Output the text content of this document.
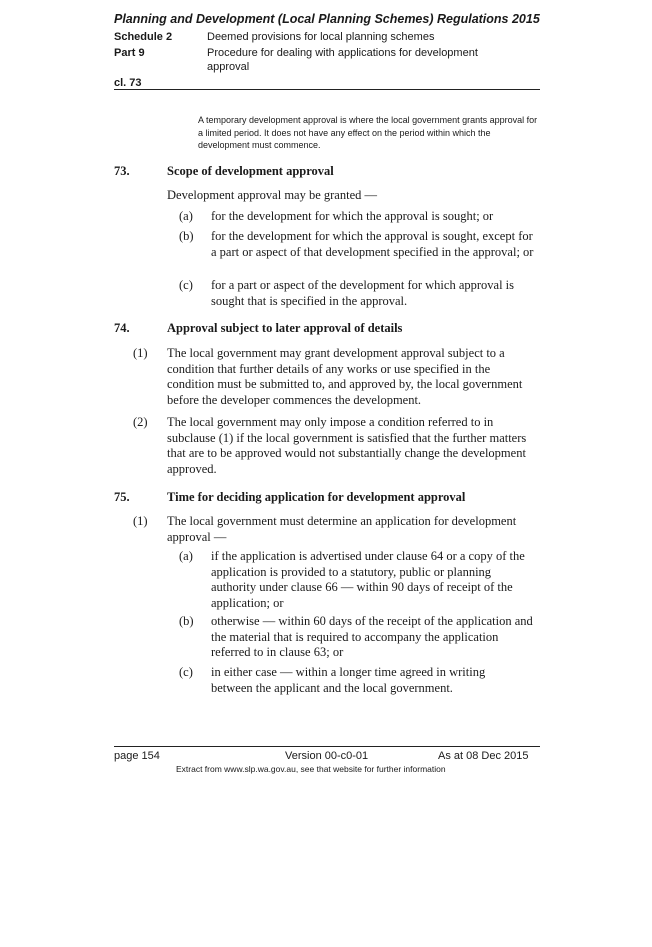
Planning and Development (Local Planning Schemes) Regulations 2015
Schedule 2	Deemed provisions for local planning schemes
Part 9	Procedure for dealing with applications for development approval
cl. 73
A temporary development approval is where the local government grants approval for a limited period. It does not have any effect on the period within which the development must commence.
73.	Scope of development approval
Development approval may be granted —
(a) for the development for which the approval is sought; or
(b) for the development for which the approval is sought, except for a part or aspect of that development specified in the approval; or
(c) for a part or aspect of the development for which approval is sought that is specified in the approval.
74.	Approval subject to later approval of details
(1) The local government may grant development approval subject to a condition that further details of any works or use specified in the condition must be submitted to, and approved by, the local government before the developer commences the development.
(2) The local government may only impose a condition referred to in subclause (1) if the local government is satisfied that the further matters that are to be approved would not substantially change the development approved.
75.	Time for deciding application for development approval
(1) The local government must determine an application for development approval —
(a) if the application is advertised under clause 64 or a copy of the application is provided to a statutory, public or planning authority under clause 66 — within 90 days of receipt of the application; or
(b) otherwise — within 60 days of the receipt of the application and the material that is required to accompany the application referred to in clause 63; or
(c) in either case — within a longer time agreed in writing between the applicant and the local government.
page 154	Version 00-c0-01	As at 08 Dec 2015
Extract from www.slp.wa.gov.au, see that website for further information
